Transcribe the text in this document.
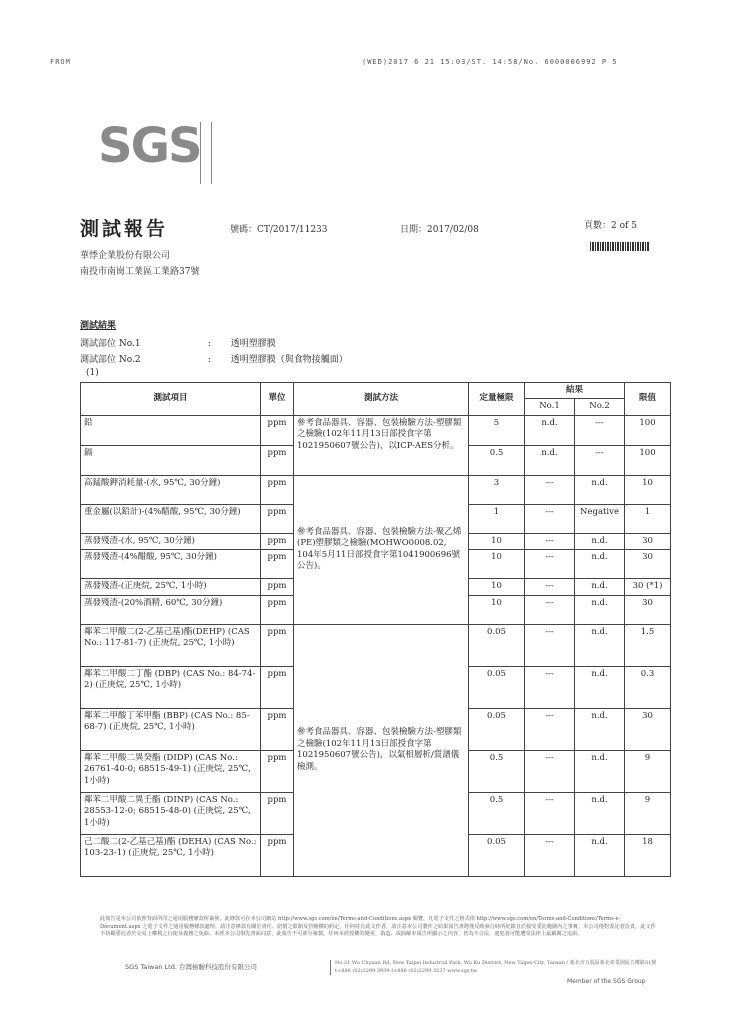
FROM	(WED)2017 6 21 15:03/ST. 14:58/No. 6000006992 P 5
SGS
測試報告	號碼：CT/2017/11233	日期：2017/02/08	頁數：2 of 5
華悸企業股份有限公司
南投市南崗工業區工業路37號
測試結果
測試部位 No.1	: 透明塑膠膜
測試部位 No.2	: 透明塑膠膜（與食物接觸面）
(1)
測試項目	單位	測試方法	定量極限	結果		限值
				No.1	No.2	
鉛	ppm	參考食品器具、容器、包裝檢驗方法-塑膠類之檢驗(102年11月13日部授食字第1021950607號公告)，以ICP-AES分析。	5	n.d.	---	100
鎘	ppm		0.5	n.d.	---	100
高錳酸鉀消耗量-(水, 95℃, 30分鐘)	ppm	參考食品器具、容器、包裝檢驗方法-聚乙烯(PE)塑膠類之檢驗(MOHWO0008.02, 104年5月11日部授食字第1041900696號公告)。	3	---	n.d.	10
重金屬(以鉛計)-(4%醋酸, 95℃, 30分鐘)	ppm		1	---	Negative	1
蒸發殘渣-(水, 95℃, 30分鐘)	ppm		10	---	n.d.	30
蒸發殘渣-(4%醋酸, 95℃, 30分鐘)	ppm		10	---	n.d.	30
蒸發殘渣-(正庚烷, 25℃, 1小時)	ppm		10	---	n.d.	30 (*1)
蒸發殘渣-(20%酒精, 60℃, 30分鐘)	ppm		10	---	n.d.	30
鄰苯二甲酸二(2-乙基己基)酯(DEHP) (CAS No.: 117-81-7) (正庚烷, 25℃, 1小時)	ppm	參考食品器具、容器、包裝檢驗方法-塑膠類之檢驗(102年11月13日部授食字第1021950607號公告)，以氣相層析/質譜儀檢測。	0.05	---	n.d.	1.5
鄰苯二甲酸二丁酯 (DBP) (CAS No.: 84-74-2) (正庚烷, 25℃, 1小時)	ppm		0.05	---	n.d.	0.3
鄰苯二甲酸丁苯甲酯 (BBP) (CAS No.: 85-68-7) (正庚烷, 25℃, 1小時)	ppm		0.05	---	n.d.	30
鄰苯二甲酸二異癸酯 (DIDP) (CAS No.: 26761-40-0; 68515-49-1) (正庚烷, 25℃, 1小時)	ppm		0.5	---	n.d.	9
鄰苯二甲酸二異壬酯 (DINP) (CAS No.: 28553-12-0; 68515-48-0) (正庚烷, 25℃, 1小時)	ppm		0.5	---	n.d.	9
己二酸二(2-乙基己基)酯 (DEHA) (CAS No.: 103-23-1) (正庚烷, 25℃, 1小時)	ppm		0.05	---	n.d.	18
此報告是本公司依照背面所印之通用服務條款所簽發，此條款可在本公司網站 http://www.sgs.com/en/Terms-and-Conditions.aspx 閱覽，凡電子文件之格式依 http://www.sgs.com/en/Terms-and-Conditions/Terms-e-Document.aspx 之電子文件之通用服務條款處理。請注意條款有關於責任、賠償之限制及管轄權的約定。任何持有此文件者，請注意本公司製作之結果報告書將僅反映執行時所紀錄且於接受委託範圍內之事實。本公司僅對委託者負責，此文件不妨礙委託者於交易上權利之行使及義務之免除。未經本公司事先書面同意，此報告不可部分複製。任何未經授權的變更、偽造、或曲解本報告所顯示之內容，皆為不合法，違犯者可能遭受法律上最嚴厲之追訴。
SGS Taiwan Ltd. 台灣檢驗科技股份有限公司	No.31,Wu Chyuan Rd, New Taipei Industrial Park, Wu Ku District, New Taipei City, Taiwan / 新北市五股區新北產業園區五權路31號
t+886 (02)2299 3939 f+886 (02)2299 3237 www.sgs.tw
Member of the SGS Group
